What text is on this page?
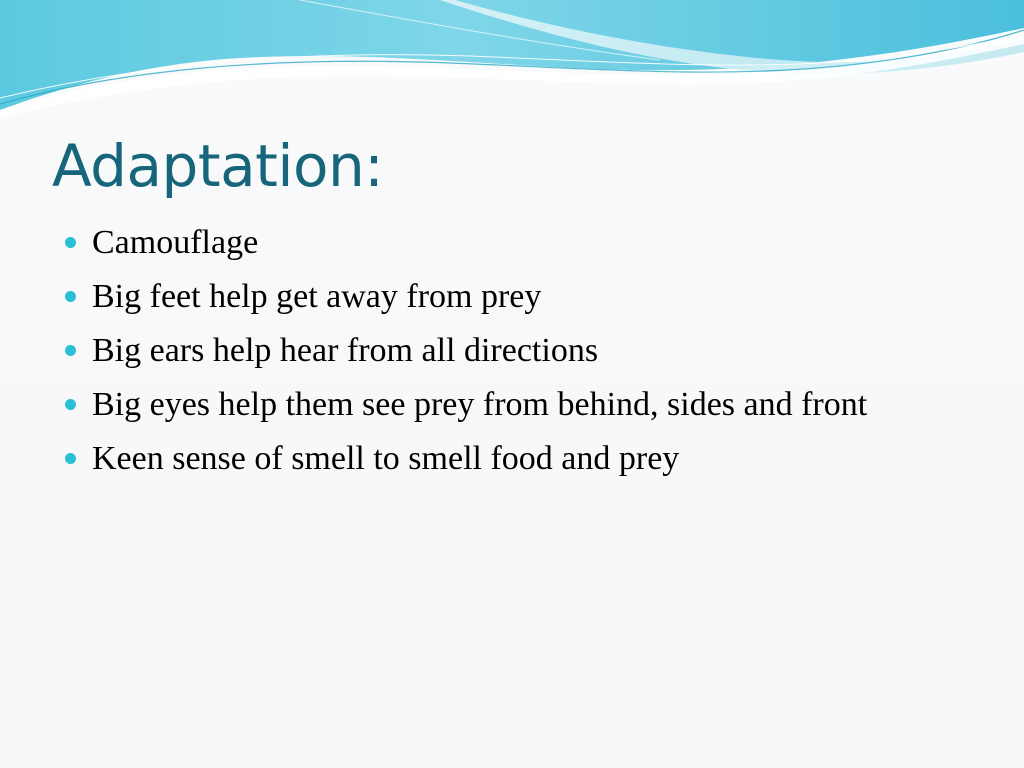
Adaptation:
Camouflage
Big feet help get away from prey
Big ears help hear from all directions
Big eyes help them see prey from behind, sides and front
Keen sense of smell to smell food and prey
